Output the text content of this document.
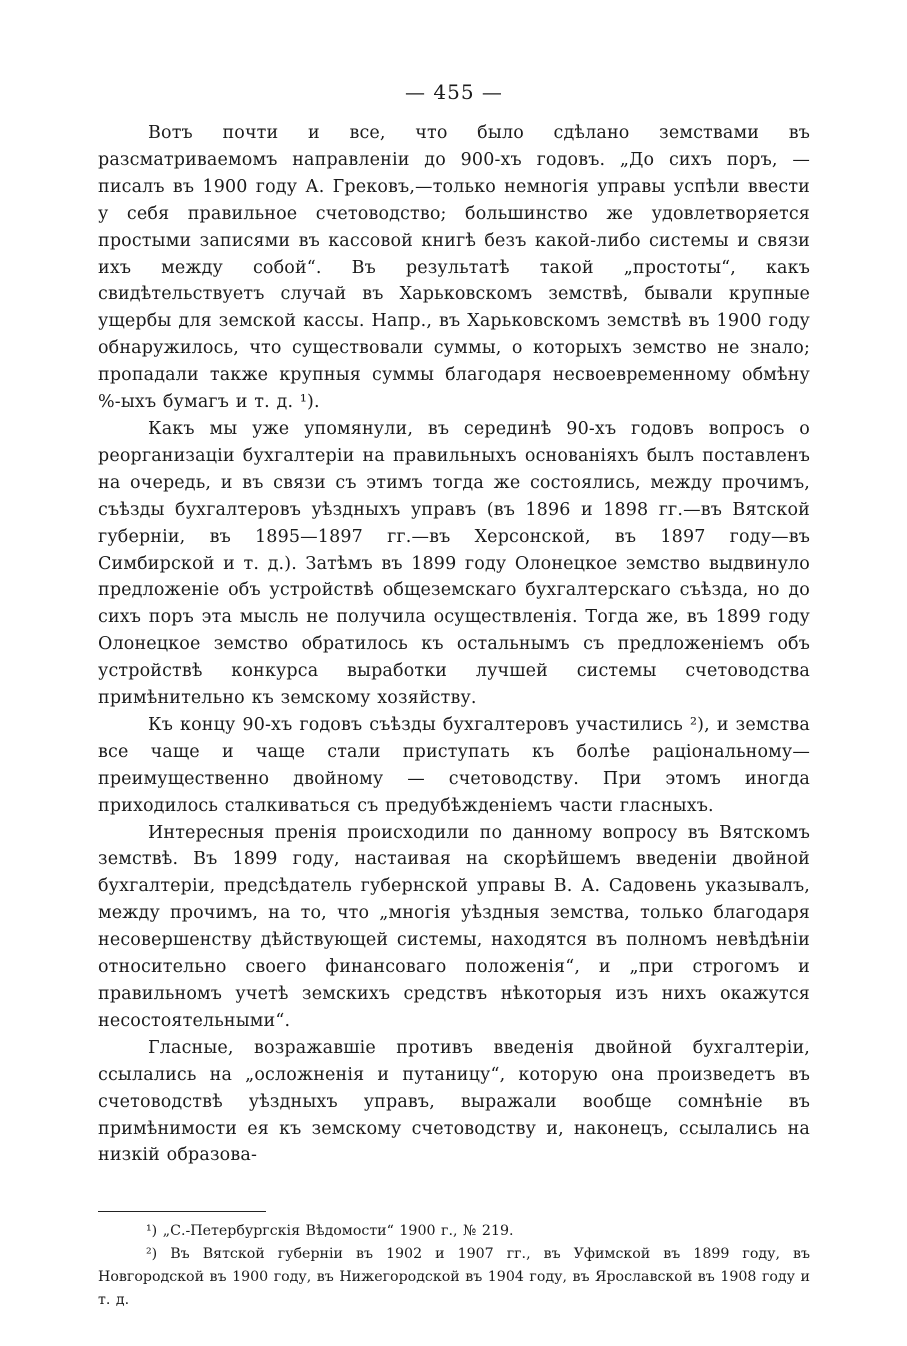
— 455 —

Вотъ почти и все, что было сдѣлано земствами въ разсматриваемомъ направленіи до 900-хъ годовъ. „До сихъ поръ, — писалъ въ 1900 году А. Грековъ,—только немногія управы успѣли ввести у себя правильное счетоводство; большинство же удовлетворяется простыми записями въ кассовой книгѣ безъ какой-либо системы и связи ихъ между собой“. Въ результатѣ такой „простоты“, какъ свидѣтельствуетъ случай въ Харьковскомъ земствѣ, бывали крупные ущербы для земской кассы. Напр., въ Харьковскомъ земствѣ въ 1900 году обнаружилось, что существовали суммы, о которыхъ земство не знало; пропадали также крупныя суммы благодаря несвоевременному обмѣну %-ыхъ бумагъ и т. д. ¹).

Какъ мы уже упомянули, въ серединѣ 90-хъ годовъ вопросъ о реорганизаціи бухгалтеріи на правильныхъ основаніяхъ былъ поставленъ на очередь, и въ связи съ этимъ тогда же состоялись, между прочимъ, съѣзды бухгалтеровъ уѣздныхъ управъ (въ 1896 и 1898 гг.—въ Вятской губерніи, въ 1895—1897 гг.—въ Херсонской, въ 1897 году—въ Симбирской и т. д.). Затѣмъ въ 1899 году Олонецкое земство выдвинуло предложеніе объ устройствѣ общеземскаго бухгалтерскаго съѣзда, но до сихъ поръ эта мысль не получила осуществленія. Тогда же, въ 1899 году Олонецкое земство обратилось къ остальнымъ съ предложеніемъ объ устройствѣ конкурса выработки лучшей системы счетоводства примѣнительно къ земскому хозяйству.

Къ концу 90-хъ годовъ съѣзды бухгалтеровъ участились ²), и земства все чаще и чаще стали приступать къ болѣе раціональному—преимущественно двойному — счетоводству. При этомъ иногда приходилось сталкиваться съ предубѣжденіемъ части гласныхъ.

Интересныя пренія происходили по данному вопросу въ Вятскомъ земствѣ. Въ 1899 году, настаивая на скорѣйшемъ введеніи двойной бухгалтеріи, предсѣдатель губернской управы В. А. Садовень указывалъ, между прочимъ, на то, что „многія уѣздныя земства, только благодаря несовершенству дѣйствующей системы, находятся въ полномъ невѣдѣніи относительно своего финансоваго положенія“, и „при строгомъ и правильномъ учетѣ земскихъ средствъ нѣкоторыя изъ нихъ окажутся несостоятельными“.

Гласные, возражавшіе противъ введенія двойной бухгалтеріи, ссылались на „осложненія и путаницу“, которую она произведетъ въ счетоводствѣ уѣздныхъ управъ, выражали вообще сомнѣніе въ примѣнимости ея къ земскому счетоводству и, наконецъ, ссылались на низкій образова-

¹) „С.-Петербургскія Вѣдомости“ 1900 г., № 219.

²) Въ Вятской губерніи въ 1902 и 1907 гг., въ Уфимской въ 1899 году, въ Новгородской въ 1900 году, въ Нижегородской въ 1904 году, въ Ярославской въ 1908 году и т. д.
